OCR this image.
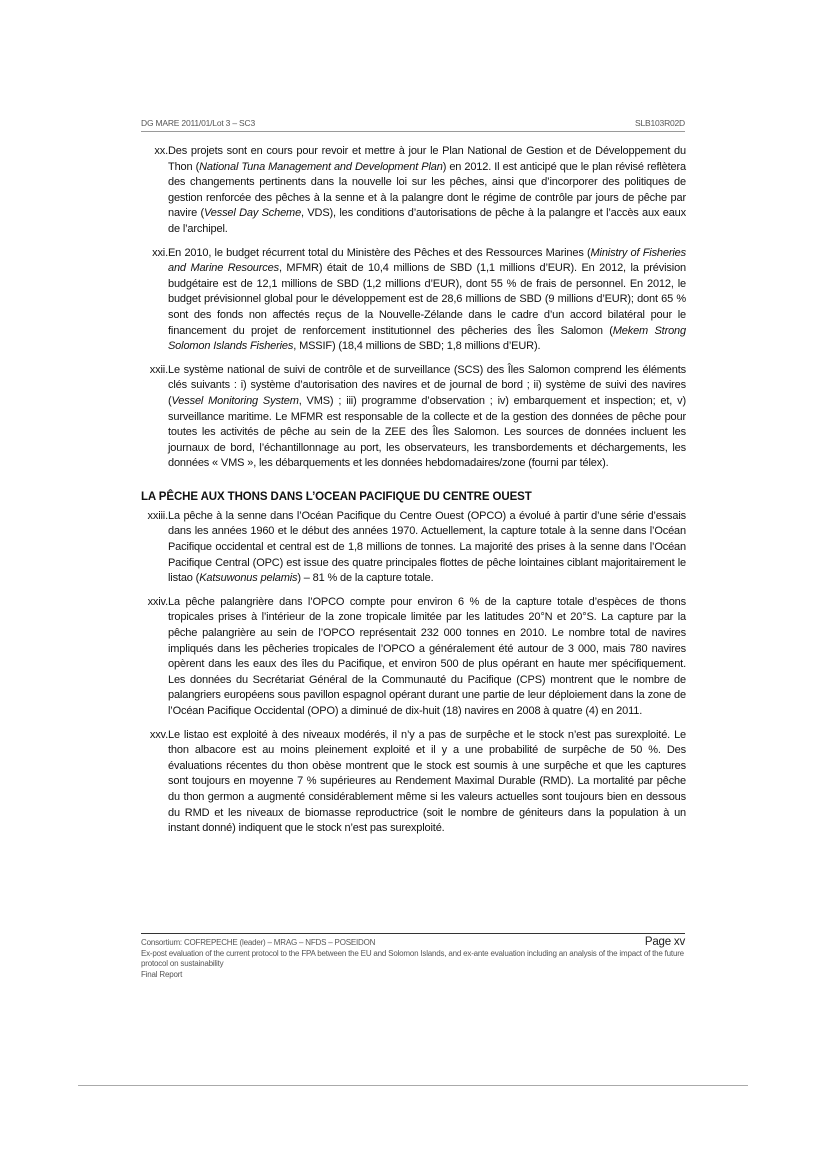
DG MARE 2011/01/Lot 3 – SC3	SLB103R02D
xx. Des projets sont en cours pour revoir et mettre à jour le Plan National de Gestion et de Développement du Thon (National Tuna Management and Development Plan) en 2012. Il est anticipé que le plan révisé reflètera des changements pertinents dans la nouvelle loi sur les pêches, ainsi que d’incorporer des politiques de gestion renforcée des pêches à la senne et à la palangre dont le régime de contrôle par jours de pêche par navire (Vessel Day Scheme, VDS), les conditions d’autorisations de pêche à la palangre et l’accès aux eaux de l’archipel.
xxi. En 2010, le budget récurrent total du Ministère des Pêches et des Ressources Marines (Ministry of Fisheries and Marine Resources, MFMR) était de 10,4 millions de SBD (1,1 millions d’EUR). En 2012, la prévision budgétaire est de 12,1 millions de SBD (1,2 millions d’EUR), dont 55 % de frais de personnel. En 2012, le budget prévisionnel global pour le développement est de 28,6 millions de SBD (9 millions d’EUR); dont 65 % sont des fonds non affectés reçus de la Nouvelle-Zélande dans le cadre d’un accord bilatéral pour le financement du projet de renforcement institutionnel des pêcheries des Îles Salomon (Mekem Strong Solomon Islands Fisheries, MSSIF) (18,4 millions de SBD; 1,8 millions d’EUR).
xxii. Le système national de suivi de contrôle et de surveillance (SCS) des Îles Salomon comprend les éléments clés suivants : i) système d’autorisation des navires et de journal de bord ; ii) système de suivi des navires (Vessel Monitoring System, VMS) ; iii) programme d’observation ; iv) embarquement et inspection; et, v) surveillance maritime. Le MFMR est responsable de la collecte et de la gestion des données de pêche pour toutes les activités de pêche au sein de la ZEE des Îles Salomon. Les sources de données incluent les journaux de bord, l’échantillonnage au port, les observateurs, les transbordements et déchargements, les données « VMS », les débarquements et les données hebdomadaires/zone (fourni par télex).
LA PÊCHE AUX THONS DANS L’OCEAN PACIFIQUE DU CENTRE OUEST
xxiii. La pêche à la senne dans l’Océan Pacifique du Centre Ouest (OPCO) a évolué à partir d’une série d’essais dans les années 1960 et le début des années 1970. Actuellement, la capture totale à la senne dans l’Océan Pacifique occidental et central est de 1,8 millions de tonnes. La majorité des prises à la senne dans l’Océan Pacifique Central (OPC) est issue des quatre principales flottes de pêche lointaines ciblant majoritairement le listao (Katsuwonus pelamis) – 81 % de la capture totale.
xxiv. La pêche palangrière dans l’OPCO compte pour environ 6 % de la capture totale d’espèces de thons tropicales prises à l’intérieur de la zone tropicale limitée par les latitudes 20°N et 20°S. La capture par la pêche palangrière au sein de l’OPCO représentait 232 000 tonnes en 2010. Le nombre total de navires impliqués dans les pêcheries tropicales de l’OPCO a généralement été autour de 3 000, mais 780 navires opèrent dans les eaux des îles du Pacifique, et environ 500 de plus opérant en haute mer spécifiquement. Les données du Secrétariat Général de la Communauté du Pacifique (CPS) montrent que le nombre de palangriers européens sous pavillon espagnol opérant durant une partie de leur déploiement dans la zone de l’Océan Pacifique Occidental (OPO) a diminué de dix-huit (18) navires en 2008 à quatre (4) en 2011.
xxv. Le listao est exploité à des niveaux modérés, il n’y a pas de surpêche et le stock n’est pas surexploité. Le thon albacore est au moins pleinement exploité et il y a une probabilité de surpêche de 50 %. Des évaluations récentes du thon obèse montrent que le stock est soumis à une surpêche et que les captures sont toujours en moyenne 7 % supérieures au Rendement Maximal Durable (RMD). La mortalité par pêche du thon germon a augmenté considérablement même si les valeurs actuelles sont toujours bien en dessous du RMD et les niveaux de biomasse reproductrice (soit le nombre de géniteurs dans la population à un instant donné) indiquent que le stock n’est pas surexploité.
Consortium: COFREPECHE (leader) – MRAG – NFDS – POSEIDON	Page xv
Ex-post evaluation of the current protocol to the FPA between the EU and Solomon Islands, and ex-ante evaluation including an analysis of the impact of the future protocol on sustainability
Final Report
